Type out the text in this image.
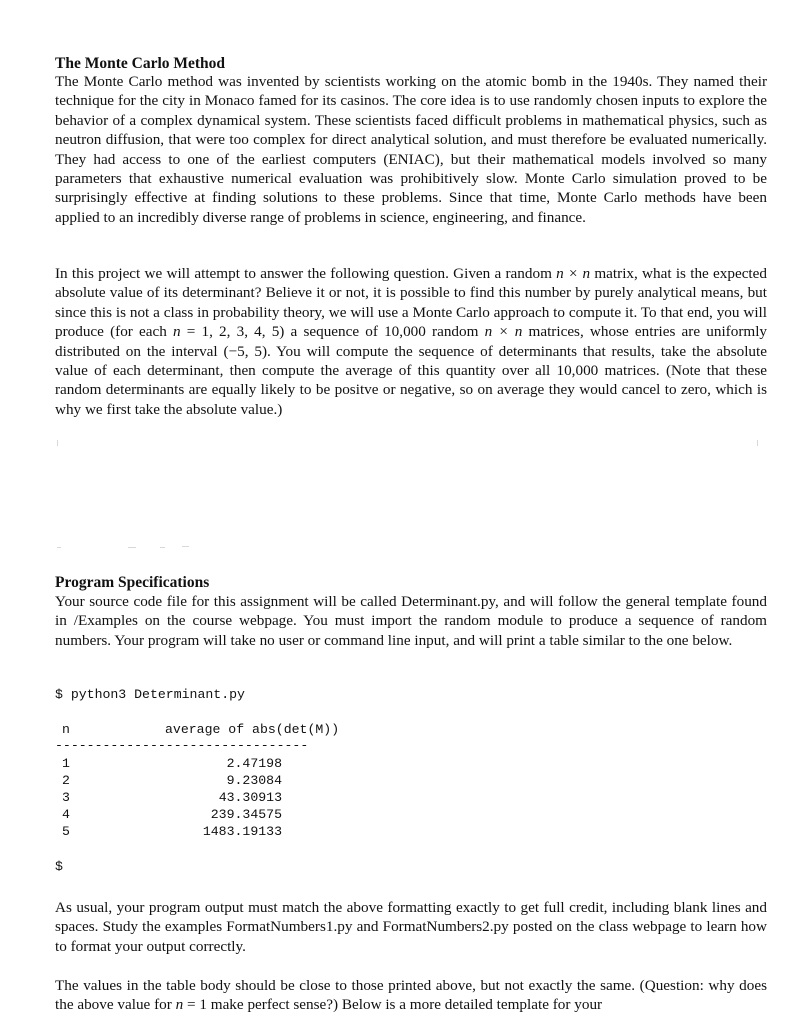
The Monte Carlo Method
The Monte Carlo method was invented by scientists working on the atomic bomb in the 1940s. They named their technique for the city in Monaco famed for its casinos. The core idea is to use randomly chosen inputs to explore the behavior of a complex dynamical system. These scientists faced difficult problems in mathematical physics, such as neutron diffusion, that were too complex for direct analytical solution, and must therefore be evaluated numerically. They had access to one of the earliest computers (ENIAC), but their mathematical models involved so many parameters that exhaustive numerical evaluation was prohibitively slow. Monte Carlo simulation proved to be surprisingly effective at finding solutions to these problems. Since that time, Monte Carlo methods have been applied to an incredibly diverse range of problems in science, engineering, and finance.
In this project we will attempt to answer the following question. Given a random n × n matrix, what is the expected absolute value of its determinant? Believe it or not, it is possible to find this number by purely analytical means, but since this is not a class in probability theory, we will use a Monte Carlo approach to compute it. To that end, you will produce (for each n = 1, 2, 3, 4, 5) a sequence of 10,000 random n × n matrices, whose entries are uniformly distributed on the interval (−5, 5). You will compute the sequence of determinants that results, take the absolute value of each determinant, then compute the average of this quantity over all 10,000 matrices. (Note that these random determinants are equally likely to be positve or negative, so on average they would cancel to zero, which is why we first take the absolute value.)
Program Specifications
Your source code file for this assignment will be called Determinant.py, and will follow the general template found in /Examples on the course webpage. You must import the random module to produce a sequence of random numbers. Your program will take no user or command line input, and will print a table similar to the one below.
$ python3 Determinant.py
n	average of abs(det(M))
--------------------------------
1	2.47198
2	9.23084
3	43.30913
4	239.34575
5	1483.19133
$
As usual, your program output must match the above formatting exactly to get full credit, including blank lines and spaces. Study the examples FormatNumbers1.py and FormatNumbers2.py posted on the class webpage to learn how to format your output correctly.
The values in the table body should be close to those printed above, but not exactly the same. (Question: why does the above value for n = 1 make perfect sense?) Below is a more detailed template for your
